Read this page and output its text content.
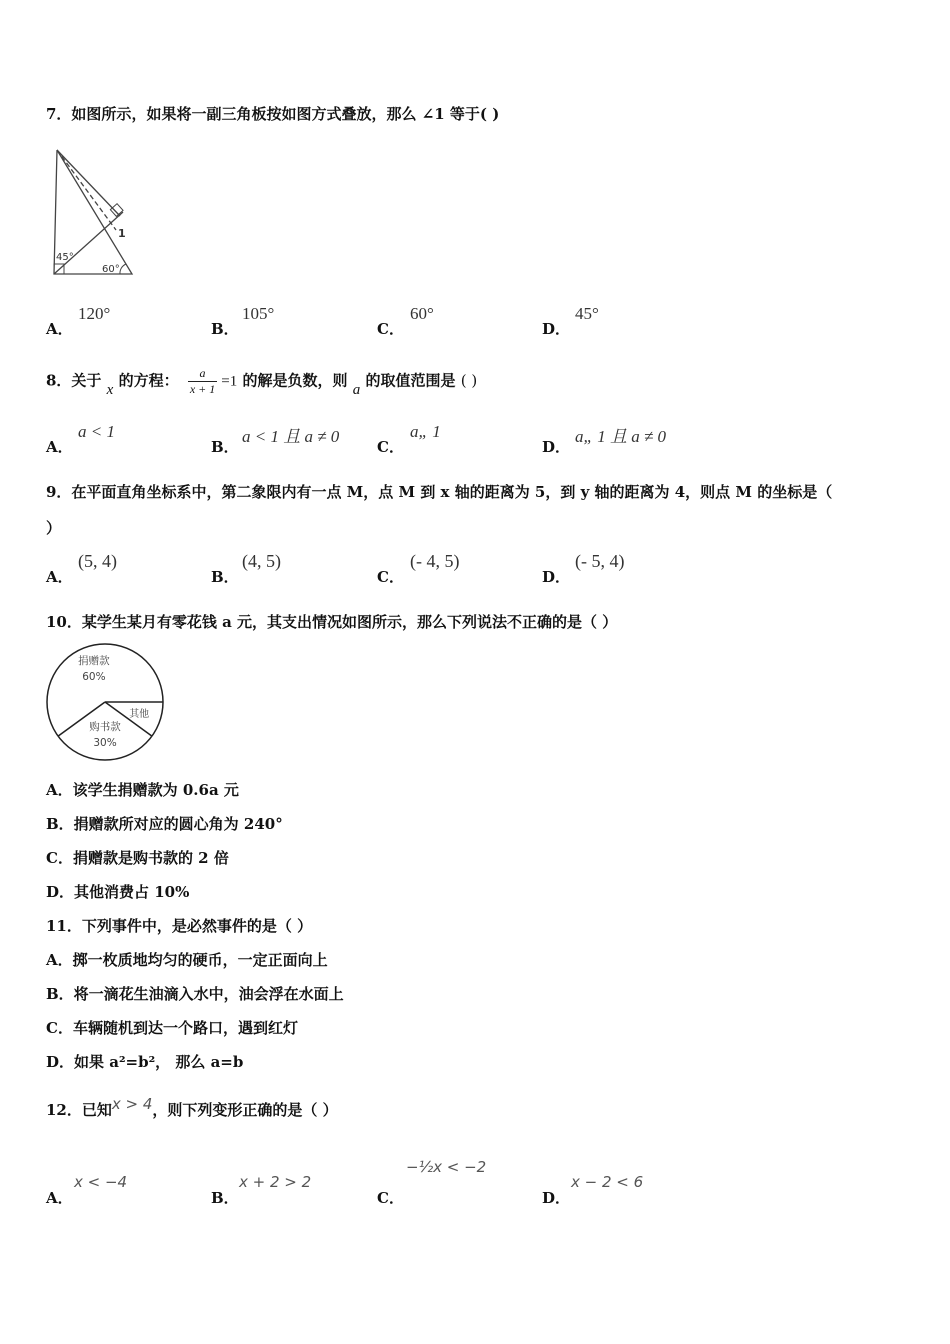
7．如图所示，如果将一副三角板按如图方式叠放，那么 ∠1 等于( )
45°
60°
1
A．
120°
B．
105°
C．
60°
D．
45°
8．关于 x 的方程： $\frac{a}{x + 1} =1$ 的解是负数，则 a 的取值范围是 ( )
A．
a < 1
B．
a < 1 且 a ≠ 0
C．
a„ 1
D．
a„ 1 且 a ≠ 0
9．在平面直角坐标系中，第二象限内有一点 M，点 M 到 x 轴的距离为 5，到 y 轴的距离为 4，则点 M 的坐标是（
）
A．
(5, 4)
B．
(4, 5)
C．
(- 4, 5)
D．
(- 5, 4)
10．某学生某月有零花钱 a 元，其支出情况如图所示，那么下列说法不正确的是（ ）
捐赠款
60%
购书款
30%
其他
A．该学生捐赠款为 0.6a 元
B．捐赠款所对应的圆心角为 240°
C．捐赠款是购书款的 2 倍
D．其他消费占 10%
11．下列事件中，是必然事件的是（ ）
A．掷一枚质地均匀的硬币，一定正面向上
B．将一滴花生油滴入水中，油会浮在水面上
C．车辆随机到达一个路口，遇到红灯
D．如果 a²=b²， 那么 a=b
12．已知x > 4，则下列变形正确的是（ ）
A．
x < −4
B．
x + 2 > 2
C．
−½x < −2
D．
x − 2 < 6
